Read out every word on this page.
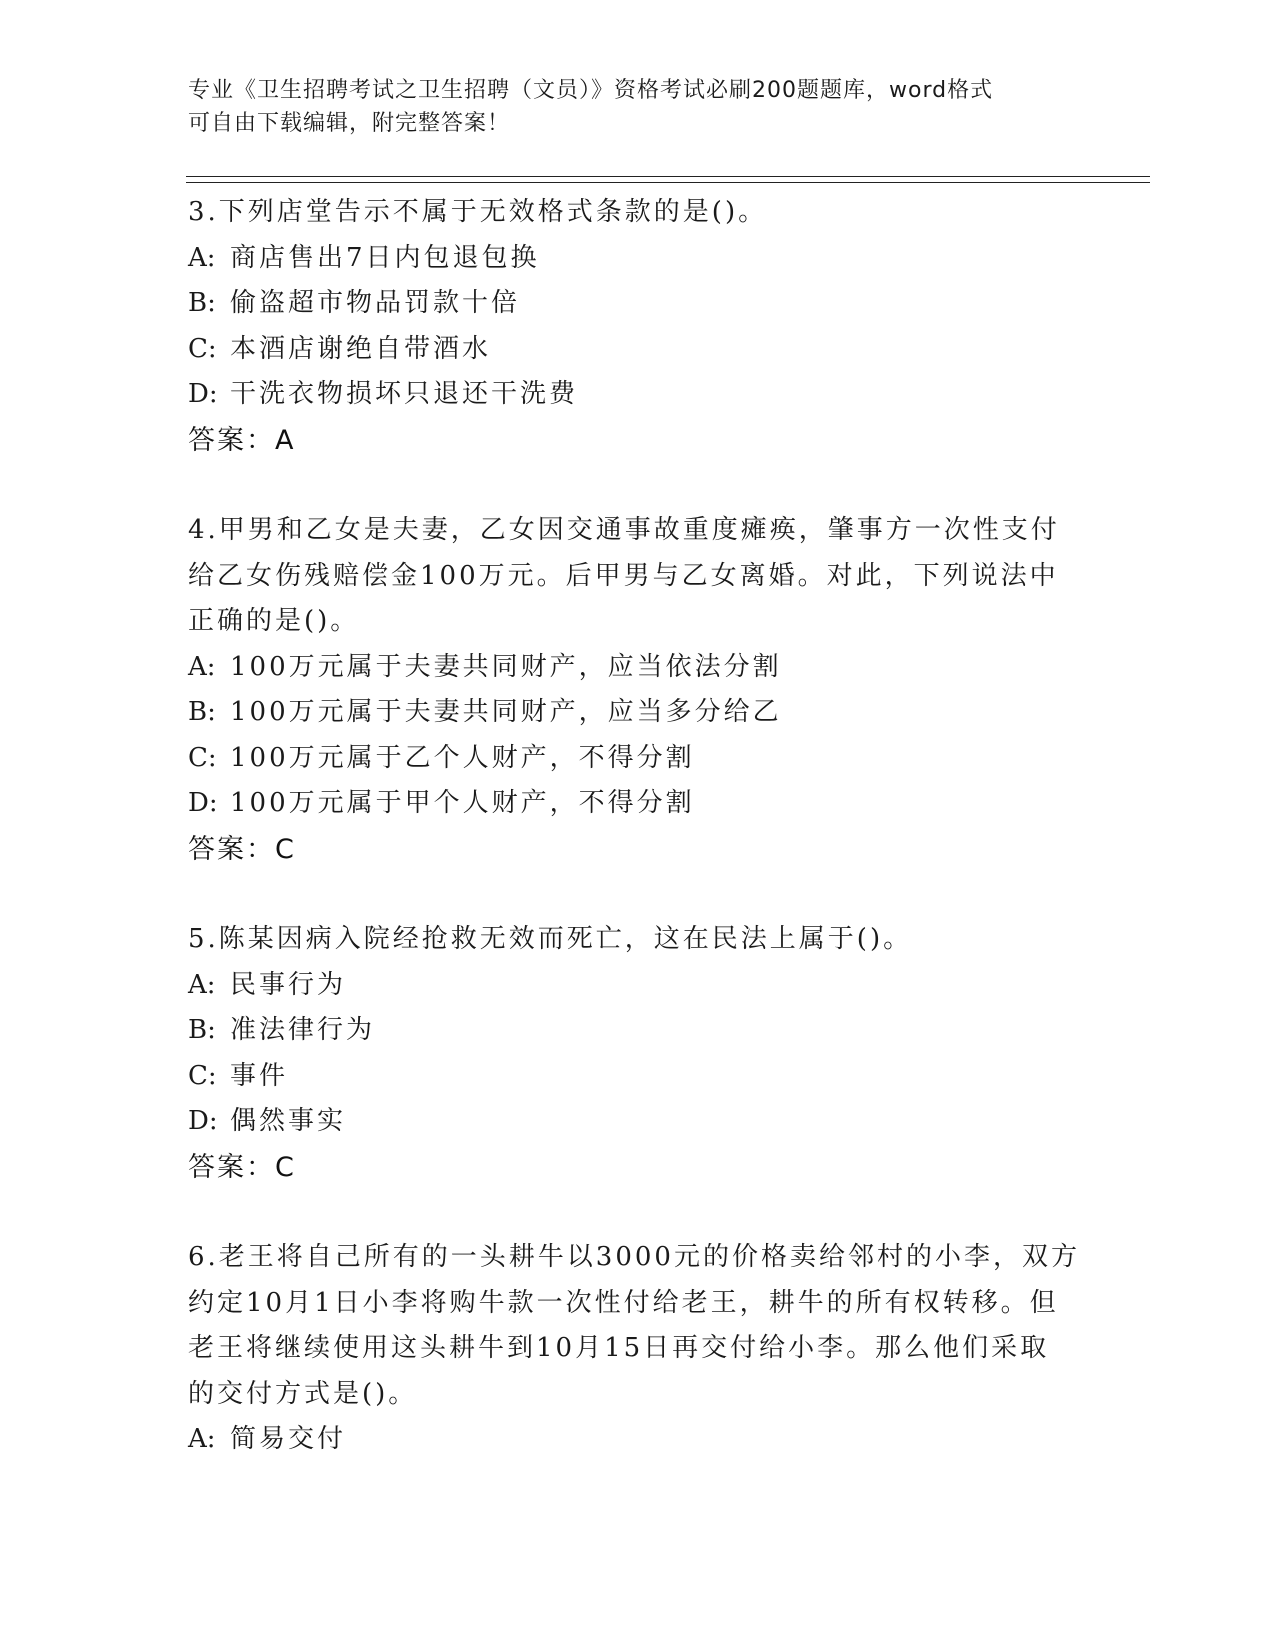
专业《卫生招聘考试之卫生招聘（文员）》资格考试必刷200题题库，word格式
可自由下载编辑，附完整答案！
3.下列店堂告示不属于无效格式条款的是()。
A: 商店售出7日内包退包换
B: 偷盗超市物品罚款十倍
C: 本酒店谢绝自带酒水
D: 干洗衣物损坏只退还干洗费
答案：A
4.甲男和乙女是夫妻，乙女因交通事故重度瘫痪，肇事方一次性支付
给乙女伤残赔偿金100万元。后甲男与乙女离婚。对此，下列说法中
正确的是()。
A: 100万元属于夫妻共同财产，应当依法分割
B: 100万元属于夫妻共同财产，应当多分给乙
C: 100万元属于乙个人财产，不得分割
D: 100万元属于甲个人财产，不得分割
答案：C
5.陈某因病入院经抢救无效而死亡，这在民法上属于()。
A: 民事行为
B: 准法律行为
C: 事件
D: 偶然事实
答案：C
6.老王将自己所有的一头耕牛以3000元的价格卖给邻村的小李，双方
约定10月1日小李将购牛款一次性付给老王，耕牛的所有权转移。但
老王将继续使用这头耕牛到10月15日再交付给小李。那么他们采取
的交付方式是()。
A: 简易交付
